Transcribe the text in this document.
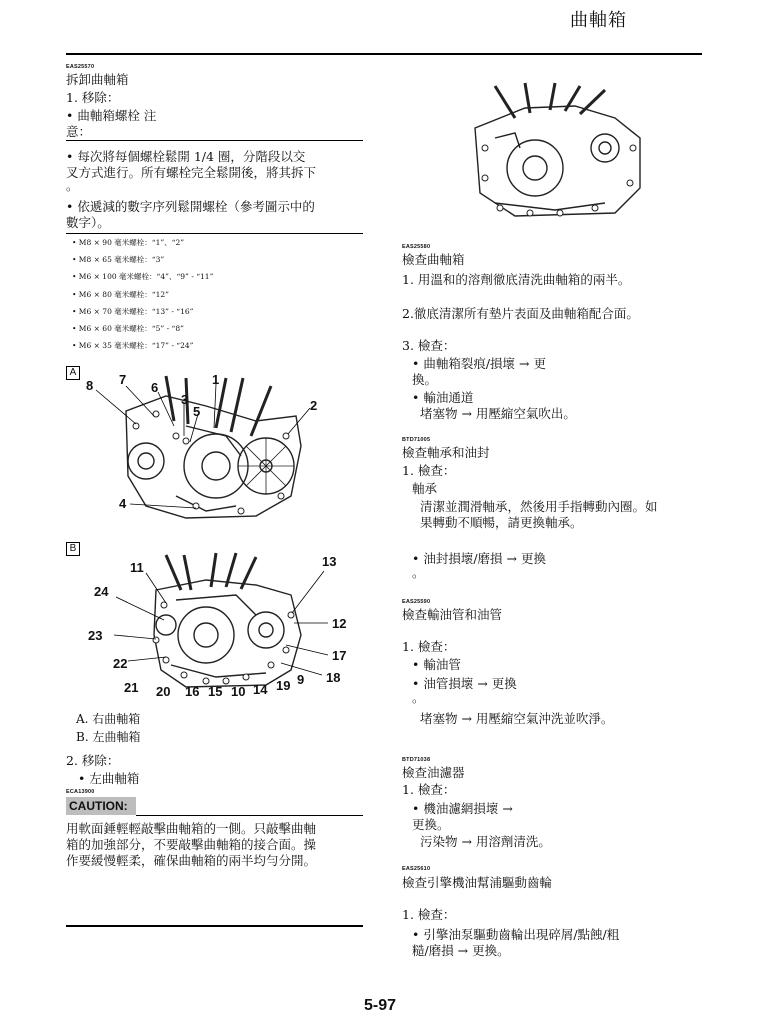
曲軸箱
EAS25570
拆卸曲軸箱
1. 移除：
• 曲軸箱螺栓 注
意：
• 每次將每個螺栓鬆開 1/4 圈，分階段以交
叉方式進行。所有螺栓完全鬆開後，將其拆下
。
• 依遞減的數字序列鬆開螺栓（參考圖示中的
數字）。
• M8 × 90 毫米螺栓：“1”、“2”
• M8 × 65 毫米螺栓：“3”
• M6 × 100 毫米螺栓：“4”、“9” - “11”
• M6 × 80 毫米螺栓：“12”
• M6 × 70 毫米螺栓：“13” - “16”
• M6 × 60 毫米螺栓：“5” - “8”
• M6 × 35 毫米螺栓：“17” - “24”
A
8 7
6
3
5
1
2
4
B
11	13
24
12
23
17
22
18
9
21 20 16 15 10 14 19
A. 右曲軸箱
B. 左曲軸箱
2. 移除：
• 左曲軸箱
ECA13900
CAUTION:
用軟面錘輕輕敲擊曲軸箱的一側。只敲擊曲軸
箱的加強部分，不要敲擊曲軸箱的接合面。操
作要緩慢輕柔，確保曲軸箱的兩半均勻分開。
EAS25580
檢查曲軸箱
1. 用溫和的溶劑徹底清洗曲軸箱的兩半。
2.徹底清潔所有墊片表面及曲軸箱配合面。
3. 檢查：
• 曲軸箱裂痕/損壞 → 更
換。
• 輸油通道
堵塞物 → 用壓縮空氣吹出。
BTD71005
檢查軸承和油封
1. 檢查：
軸承
清潔並潤滑軸承，然後用手指轉動內圈。如
果轉動不順暢，請更換軸承。
• 油封損壞/磨損 → 更換
。
EAS25590
檢查輸油管和油管
1. 檢查：
• 輸油管
• 油管損壞 → 更換
。
堵塞物 → 用壓縮空氣沖洗並吹淨。
BTD71038
檢查油濾器
1. 檢查：
• 機油濾網損壞 →
更換。
污染物 → 用溶劑清洗。
EAS25610
檢查引擎機油幫浦驅動齒輪
1. 檢查：
• 引擎油泵驅動齒輪出現碎屑/點蝕/粗
糙/磨損 → 更換。
5-97
